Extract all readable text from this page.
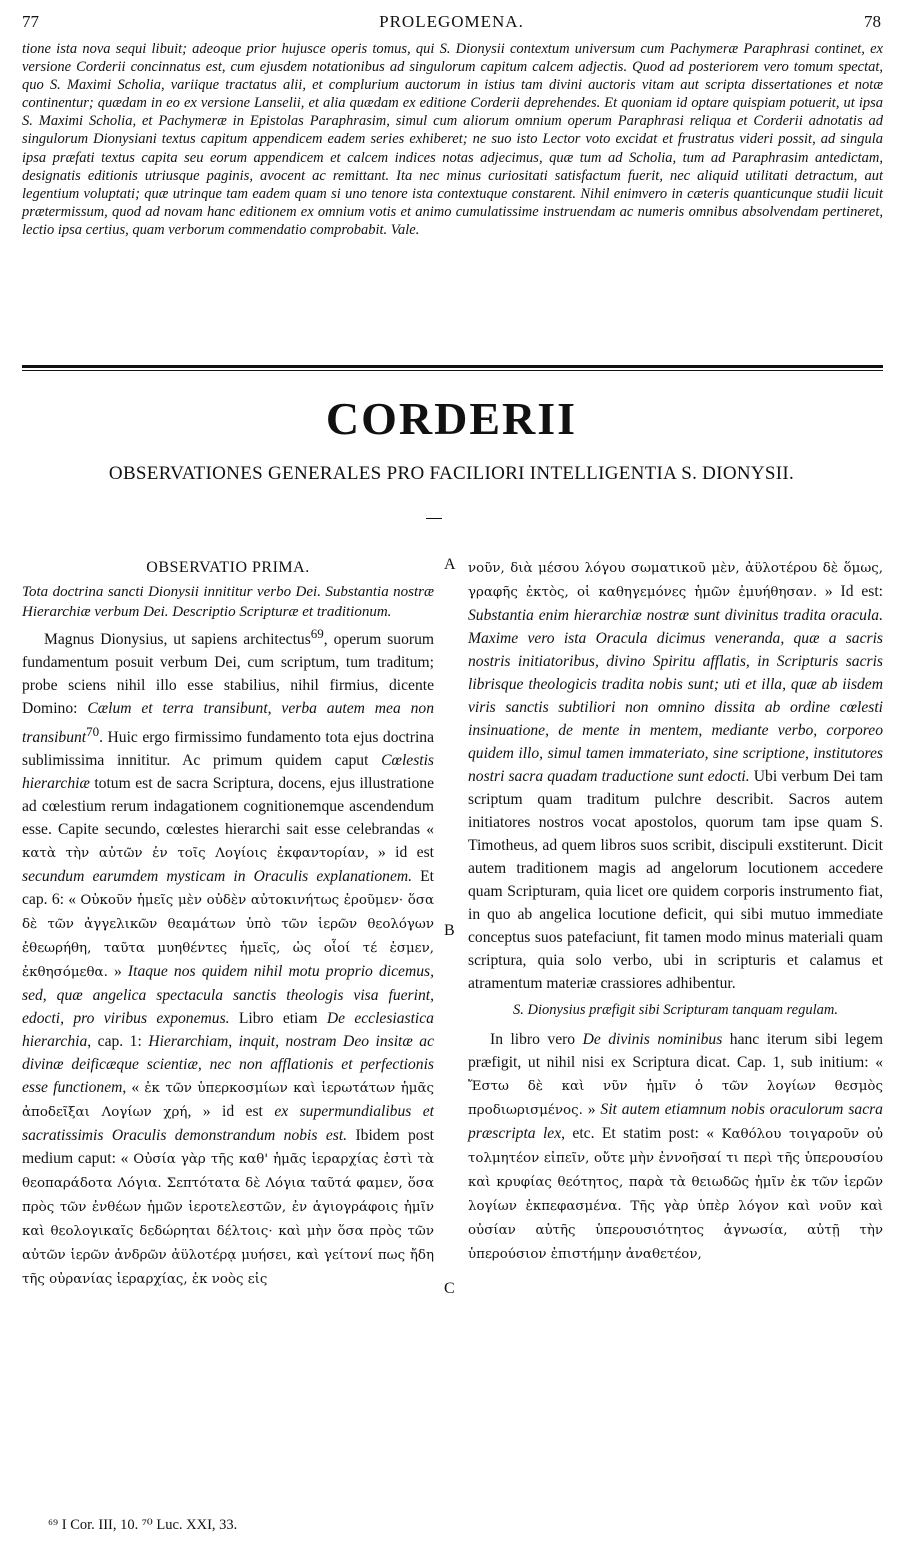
77	PROLEGOMENA.	78

tione ista nova sequi libuit; adeoque prior hujusce operis tomus, qui S. Dionysii contextum universum cum Pachymeræ Paraphrasi continet, ex versione Corderii concinnatus est, cum ejusdem notationibus ad singulorum capitum calcem adjectis. Quod ad posteriorem vero tomum spectat, quo S. Maximi Scholia, variique tractatus alii, et complurium auctorum in istius tam divini auctoris vitam aut scripta dissertationes et notæ continentur; quædam in eo ex versione Lanselii, et alia quædam ex editione Corderii deprehendes. Et quoniam id optare quispiam potuerit, ut ipsa S. Maximi Scholia, et Pachymeræ in Epistolas Paraphrasim, simul cum aliorum omnium operum Paraphrasi reliqua et Corderii adnotatis ad singulorum Dionysiani textus capitum appendicem eadem series exhiberet; ne suo isto Lector voto excidat et frustratus videri possit, ad singula ipsa præfati textus capita seu eorum appendicem et calcem indices notas adjecimus, quæ tum ad Scholia, tum ad Paraphrasim antedictam, designatis editionis utriusque paginis, avocent ac remittant. Ita nec minus curiositati satisfactum fuerit, nec aliquid utilitati detractum, aut legentium voluptati; quæ utrinque tam eadem quam si uno tenore ista contextuque constarent. Nihil enimvero in cæteris quanticunque studii licuit prætermissum, quod ad novam hanc editionem ex omnium votis et animo cumulatissime instruendam ac numeris omnibus absolvendam pertineret, lectio ipsa certius, quam verborum commendatio comprobabit. Vale.

CORDERII
OBSERVATIONES GENERALES PRO FACILIORI INTELLIGENTIA S. DIONYSII.
OBSERVATIO PRIMA.

Tota doctrina sancti Dionysii innititur verbo Dei. Substantia nostræ Hierarchiæ verbum Dei. Descriptio Scripturæ et traditionum.

Magnus Dionysius, ut sapiens architectus$^{69}$, operum suorum fundamentum posuit verbum Dei, cum scriptum, tum traditum; probe sciens nihil illo esse stabilius, nihil firmius, dicente Domino: Cælum et terra transibunt, verba autem mea non transibunt$^{70}$. Huic ergo firmissimo fundamento tota ejus doctrina sublimissima innititur. Ac primum quidem caput Cœlestis hierarchiæ totum est de sacra Scriptura, docens, ejus illustratione ad cœlestium rerum indagationem cognitionemque ascendendum esse. Capite secundo, cœlestes hierarchi sait esse celebrandas « κατὰ τὴν αὐτῶν ἐν τοῖς Λογίοις ἐκφαντορίαν, » id est secundum earumdem mysticam in Oraculis explanationem. Et cap. 6: « Οὐκοῦν ἡμεῖς μὲν οὐδὲν αὐτοκινήτως ἐροῦμεν· ὅσα δὲ τῶν ἀγγελικῶν θεαμάτων ὑπὸ τῶν ἱερῶν θεολόγων ἐθεωρήθη, ταῦτα μυηθέντες ἡμεῖς, ὡς οἷοί τέ ἐσμεν, ἐκθησόμεθα. » Itaque nos quidem nihil motu proprio dicemus, sed, quæ angelica spectacula sanctis theologis visa fuerint, edocti, pro viribus exponemus. Libro etiam De ecclesiastica hierarchia, cap. 1: Hierarchiam, inquit, nostram Deo insitæ ac divinæ deificæque scientiæ, nec non afflationis et perfectionis esse functionem, « ἐκ τῶν ὑπερκοσμίων καὶ ἱερωτάτων ἡμᾶς ἀποδεῖξαι Λογίων χρή, » id est ex supermundialibus et sacratissimis Oraculis demonstrandum nobis est. Ibidem post medium caput: « Οὐσία γὰρ τῆς καθ' ἡμᾶς ἱεραρχίας ἐστὶ τὰ θεοπαράδοτα Λόγια. Σεπτότατα δὲ Λόγια ταῦτά φαμεν, ὅσα πρὸς τῶν ἐνθέων ἡμῶν ἱεροτελεστῶν, ἐν ἁγιογράφοις ἡμῖν καὶ θεολογικαῖς δεδώρηται δέλτοις· καὶ μὴν ὅσα πρὸς τῶν αὐτῶν ἱερῶν ἀνδρῶν ἀϋλοτέρᾳ μυήσει, καὶ γείτονί πως ἤδη τῆς οὐρανίας ἱεραρχίας, ἐκ νοὸς εἰς

A
B
C

νοῦν, διὰ μέσου λόγου σωματικοῦ μὲν, ἀϋλοτέρου δὲ ὅμως, γραφῆς ἐκτὸς, οἱ καθηγεμόνες ἡμῶν ἐμυήθησαν. » Id est: Substantia enim hierarchiæ nostræ sunt divinitus tradita oracula. Maxime vero ista Oracula dicimus veneranda, quæ a sacris nostris initiatoribus, divino Spiritu afflatis, in Scripturis sacris librisque theologicis tradita nobis sunt; uti et illa, quæ ab iisdem viris sanctis subtiliori non omnino dissita ab ordine cœlesti insinuatione, de mente in mentem, mediante verbo, corporeo quidem illo, simul tamen immateriato, sine scriptione, institutores nostri sacra quadam traductione sunt edocti. Ubi verbum Dei tam scriptum quam traditum pulchre describit. Sacros autem initiatores nostros vocat apostolos, quorum tam ipse quam S. Timotheus, ad quem libros suos scribit, discipuli exstiterunt. Dicit autem traditionem magis ad angelorum locutionem accedere quam Scripturam, quia licet ore quidem corporis instrumento fiat, in quo ab angelica locutione deficit, qui sibi mutuo immediate conceptus suos patefaciunt, fit tamen modo minus materiali quam scriptura, quia solo verbo, ubi in scripturis et calamus et atramentum materiæ crassiores adhibentur.

S. Dionysius præfigit sibi Scripturam tanquam regulam.

In libro vero De divinis nominibus hanc iterum sibi legem præfigit, ut nihil nisi ex Scriptura dicat. Cap. 1, sub initium: « Ἔστω δὲ καὶ νῦν ἡμῖν ὁ τῶν λογίων θεσμὸς προδιωρισμένος. » Sit autem etiamnum nobis oraculorum sacra præscripta lex, etc. Et statim post: « Καθόλου τοιγαροῦν οὐ τολμητέον εἰπεῖν, οὔτε μὴν ἐννοῆσαί τι περὶ τῆς ὑπερουσίου καὶ κρυφίας θεότητος, παρὰ τὰ θειωδῶς ἡμῖν ἐκ τῶν ἱερῶν λογίων ἐκπεφασμένα. Τῆς γὰρ ὑπὲρ λόγον καὶ νοῦν καὶ οὐσίαν αὐτῆς ὑπερουσιότητος ἀγνωσία, αὐτῇ τὴν ὑπερούσιον ἐπιστήμην ἀναθετέον,

⁶⁹ I Cor. III, 10. ⁷⁰ Luc. XXI, 33.
